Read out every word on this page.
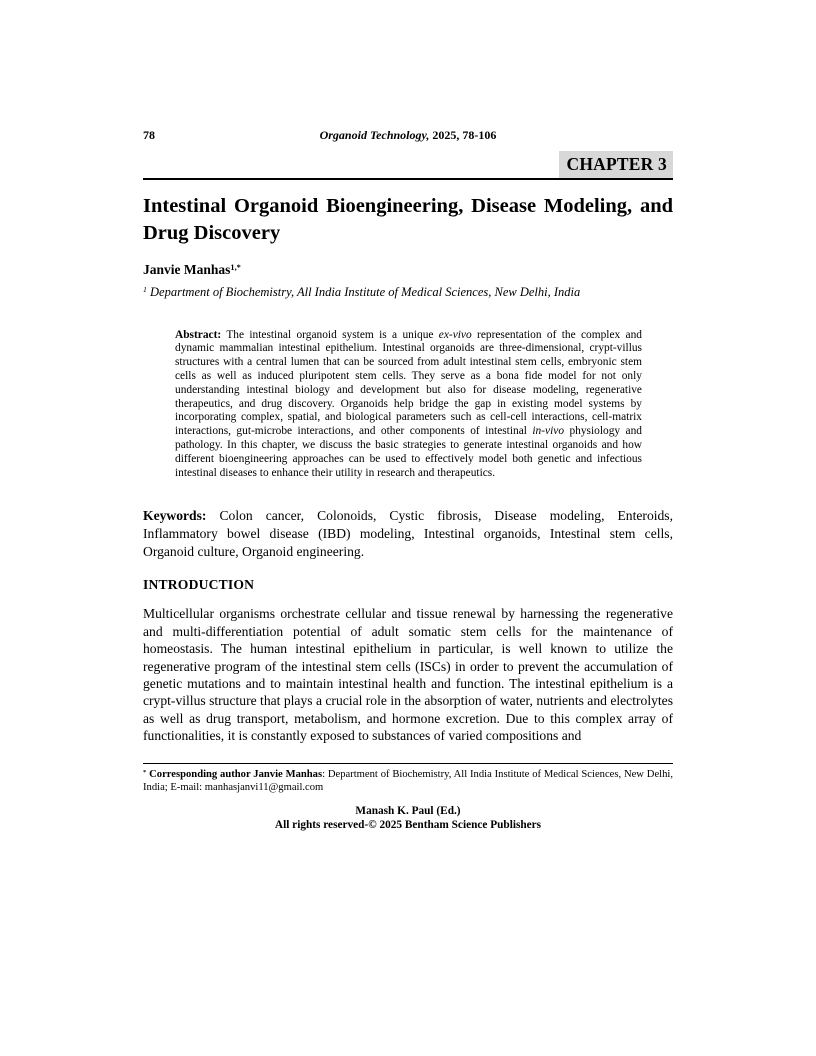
78	Organoid Technology, 2025, 78-106
CHAPTER 3
Intestinal Organoid Bioengineering, Disease Modeling, and Drug Discovery

Janvie Manhas$^{1,*}$

$^1$ Department of Biochemistry, All India Institute of Medical Sciences, New Delhi, India

Abstract: The intestinal organoid system is a unique ex-vivo representation of the complex and dynamic mammalian intestinal epithelium. Intestinal organoids are three-dimensional, crypt-villus structures with a central lumen that can be sourced from adult intestinal stem cells, embryonic stem cells as well as induced pluripotent stem cells. They serve as a bona fide model for not only understanding intestinal biology and development but also for disease modeling, regenerative therapeutics, and drug discovery. Organoids help bridge the gap in existing model systems by incorporating complex, spatial, and biological parameters such as cell-cell interactions, cell-matrix interactions, gut-microbe interactions, and other components of intestinal in-vivo physiology and pathology. In this chapter, we discuss the basic strategies to generate intestinal organoids and how different bioengineering approaches can be used to effectively model both genetic and infectious intestinal diseases to enhance their utility in research and therapeutics.

Keywords: Colon cancer, Colonoids, Cystic fibrosis, Disease modeling, Enteroids, Inflammatory bowel disease (IBD) modeling, Intestinal organoids, Intestinal stem cells, Organoid culture, Organoid engineering.

INTRODUCTION

Multicellular organisms orchestrate cellular and tissue renewal by harnessing the regenerative and multi-differentiation potential of adult somatic stem cells for the maintenance of homeostasis. The human intestinal epithelium in particular, is well known to utilize the regenerative program of the intestinal stem cells (ISCs) in order to prevent the accumulation of genetic mutations and to maintain intestinal health and function. The intestinal epithelium is a crypt-villus structure that plays a crucial role in the absorption of water, nutrients and electrolytes as well as drug transport, metabolism, and hormone excretion. Due to this complex array of functionalities, it is constantly exposed to substances of varied compositions and

* Corresponding author Janvie Manhas: Department of Biochemistry, All India Institute of Medical Sciences, New Delhi, India; E-mail: manhasjanvi11@gmail.com

Manash K. Paul (Ed.)

All rights reserved-© 2025 Bentham Science Publishers
